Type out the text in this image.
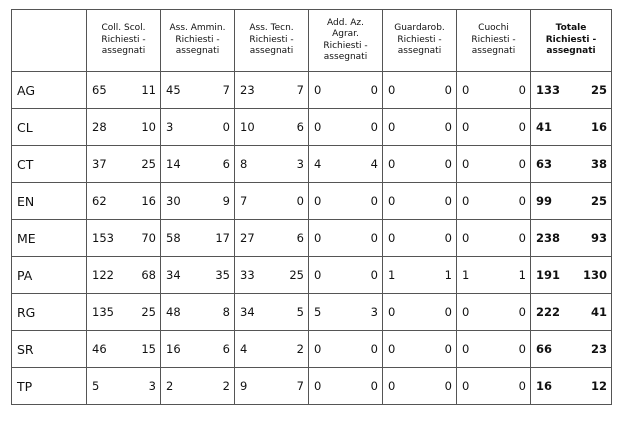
	Coll. Scol.
Richiesti -
assegnati	Ass. Ammin.
Richiesti -
assegnati	Ass. Tecn.
Richiesti -
assegnati	Add. Az.
Agrar.
Richiesti -
assegnati	Guardarob.
Richiesti -
assegnati	Cuochi
Richiesti -
assegnati	Totale
Richiesti -
assegnati

AG	65 11	45 7	23 7	0 0	0 0	0 0	133 25

CL	28 10	3 0	10 6	0 0	0 0	0 0	41 16

CT	37 25	14 6	8 3	4 4	0 0	0 0	63 38

EN	62 16	30 9	7 0	0 0	0 0	0 0	99 25

ME	153 70	58 17	27 6	0 0	0 0	0 0	238 93

PA	122 68	34 35	33 25	0 0	1 1	1 1	191 130

RG	135 25	48 8	34 5	5 3	0 0	0 0	222 41

SR	46 15	16 6	4 2	0 0	0 0	0 0	66 23

TP	5 3	2 2	9 7	0 0	0 0	0 0	16 12
